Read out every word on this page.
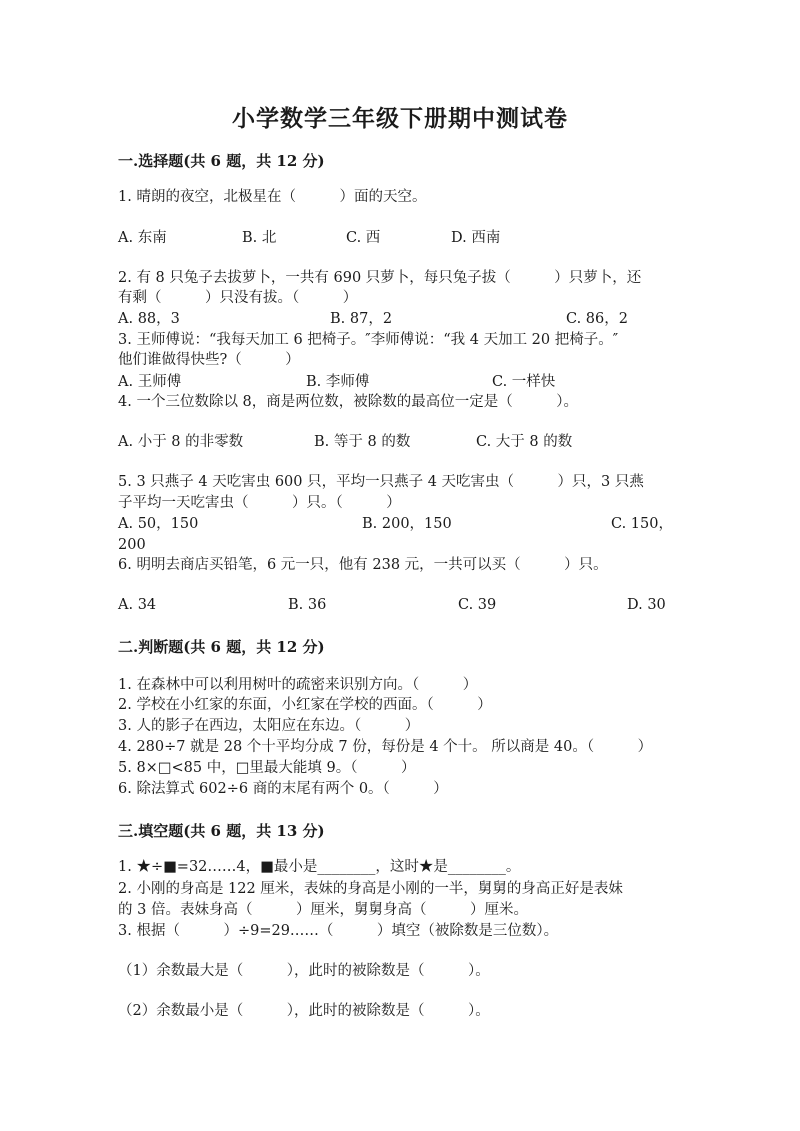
小学数学三年级下册期中测试卷
一.选择题(共 6 题，共 12 分)
1. 晴朗的夜空，北极星在（　　　）面的天空。
A. 东南	B. 北	C. 西	D. 西南
2. 有 8 只兔子去拔萝卜，一共有 690 只萝卜，每只兔子拔（　　　）只萝卜，还
有剩（　　　）只没有拔。（　　　）
A. 88，3	B. 87，2	C. 86，2
3. 王师傅说：“我每天加工 6 把椅子。″李师傅说：“我 4 天加工 20 把椅子。″
他们谁做得快些?（　　　）
A. 王师傅	B. 李师傅	C. 一样快
4. 一个三位数除以 8，商是两位数，被除数的最高位一定是（　　　）。
A. 小于 8 的非零数	B. 等于 8 的数	C. 大于 8 的数
5. 3 只燕子 4 天吃害虫 600 只，平均一只燕子 4 天吃害虫（　　　）只，3 只燕
子平均一天吃害虫（　　　）只。（　　　）
A. 50，150	B. 200，150	C. 150，
200
6. 明明去商店买铅笔，6 元一只，他有 238 元，一共可以买（　　　）只。
A. 34	B. 36	C. 39	D. 30
二.判断题(共 6 题，共 12 分)
1. 在森林中可以利用树叶的疏密来识别方向。（　　　）
2. 学校在小红家的东面，小红家在学校的西面。（　　　）
3. 人的影子在西边，太阳应在东边。（　　　）
4. 280÷7 就是 28 个十平均分成 7 份，每份是 4 个十。 所以商是 40。（　　　）
5. 8×□<85 中，□里最大能填 9。（　　　）
6. 除法算式 602÷6 商的末尾有两个 0。（　　　）
三.填空题(共 6 题，共 13 分)
1. ★÷■=32……4，■最小是________，这时★是________。
2. 小刚的身高是 122 厘米，表妹的身高是小刚的一半，舅舅的身高正好是表妹
的 3 倍。表妹身高（　　　）厘米，舅舅身高（　　　）厘米。
3. 根据（　　　）÷9=29……（　　　）填空（被除数是三位数）。
（1）余数最大是（　　　），此时的被除数是（　　　）。
（2）余数最小是（　　　），此时的被除数是（　　　）。
